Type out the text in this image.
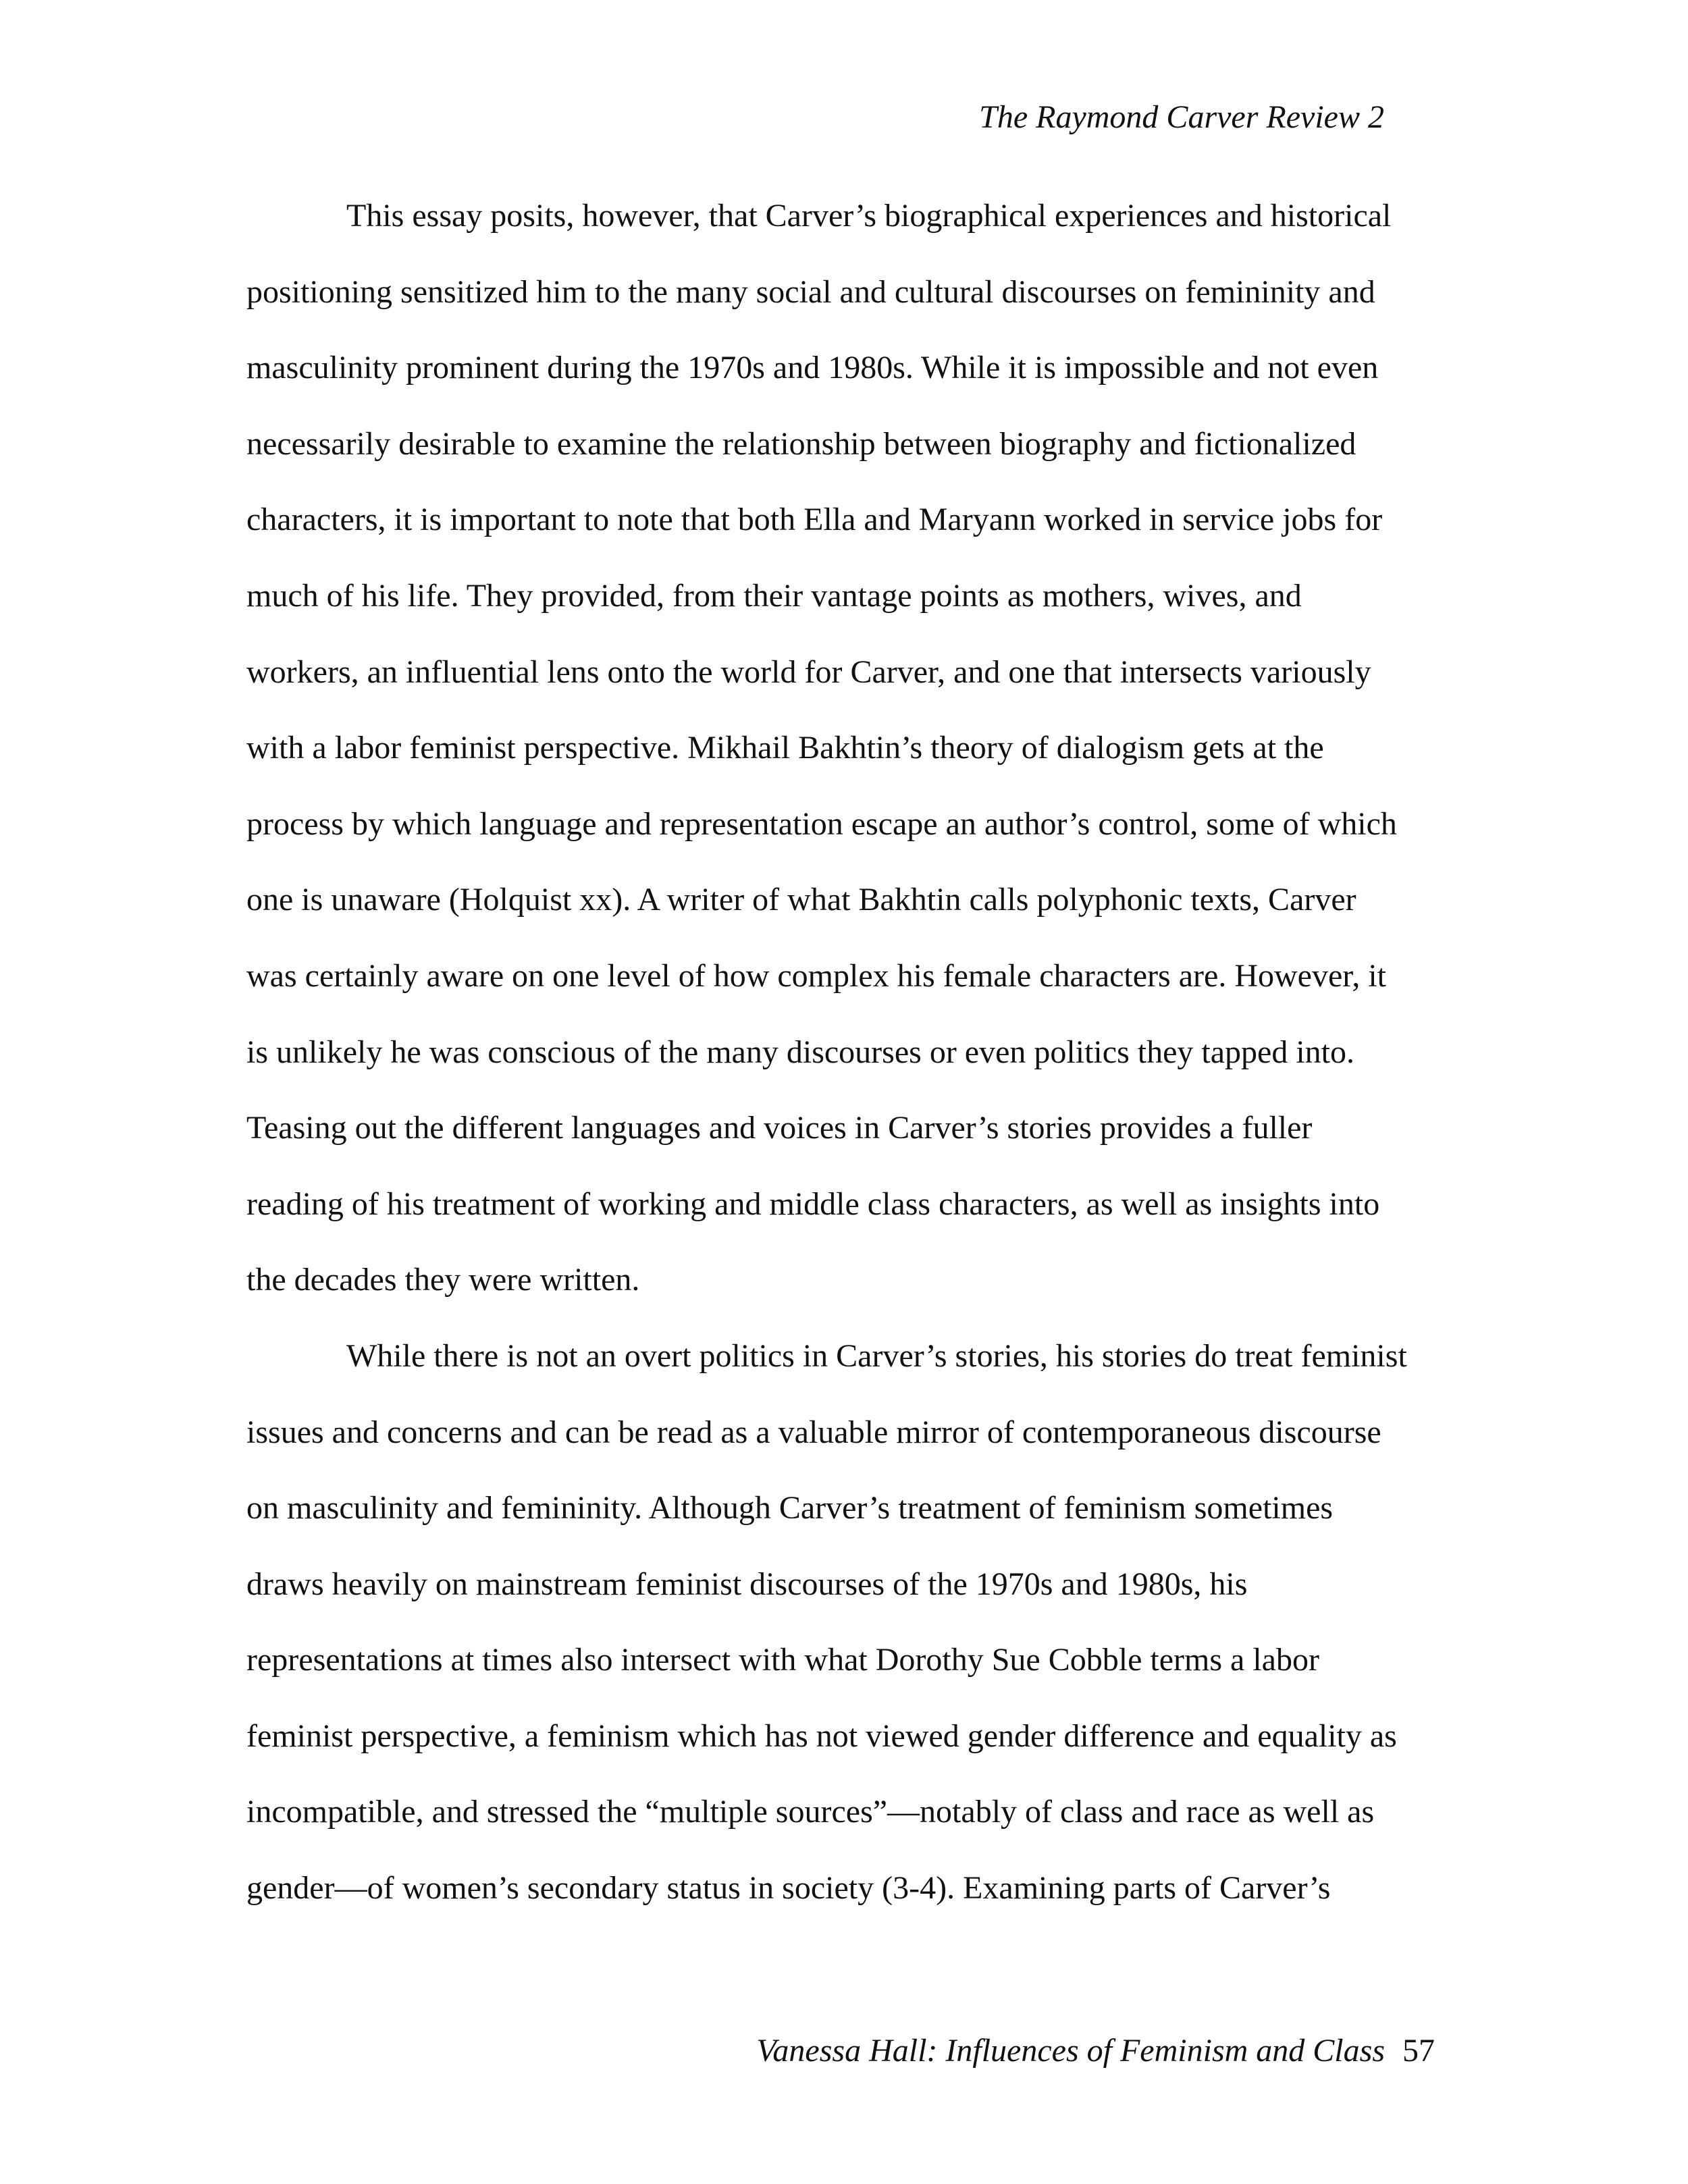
The Raymond Carver Review 2
This essay posits, however, that Carver’s biographical experiences and historical
positioning sensitized him to the many social and cultural discourses on femininity and
masculinity prominent during the 1970s and 1980s. While it is impossible and not even
necessarily desirable to examine the relationship between biography and fictionalized
characters, it is important to note that both Ella and Maryann worked in service jobs for
much of his life. They provided, from their vantage points as mothers, wives, and
workers, an influential lens onto the world for Carver, and one that intersects variously
with a labor feminist perspective. Mikhail Bakhtin’s theory of dialogism gets at the
process by which language and representation escape an author’s control, some of which
one is unaware (Holquist xx). A writer of what Bakhtin calls polyphonic texts, Carver
was certainly aware on one level of how complex his female characters are. However, it
is unlikely he was conscious of the many discourses or even politics they tapped into.
Teasing out the different languages and voices in Carver’s stories provides a fuller
reading of his treatment of working and middle class characters, as well as insights into
the decades they were written.
While there is not an overt politics in Carver’s stories, his stories do treat feminist
issues and concerns and can be read as a valuable mirror of contemporaneous discourse
on masculinity and femininity. Although Carver’s treatment of feminism sometimes
draws heavily on mainstream feminist discourses of the 1970s and 1980s, his
representations at times also intersect with what Dorothy Sue Cobble terms a labor
feminist perspective, a feminism which has not viewed gender difference and equality as
incompatible, and stressed the “multiple sources”—notably of class and race as well as
gender—of women’s secondary status in society (3-4). Examining parts of Carver’s
Vanessa Hall: Influences of Feminism and Class 57
